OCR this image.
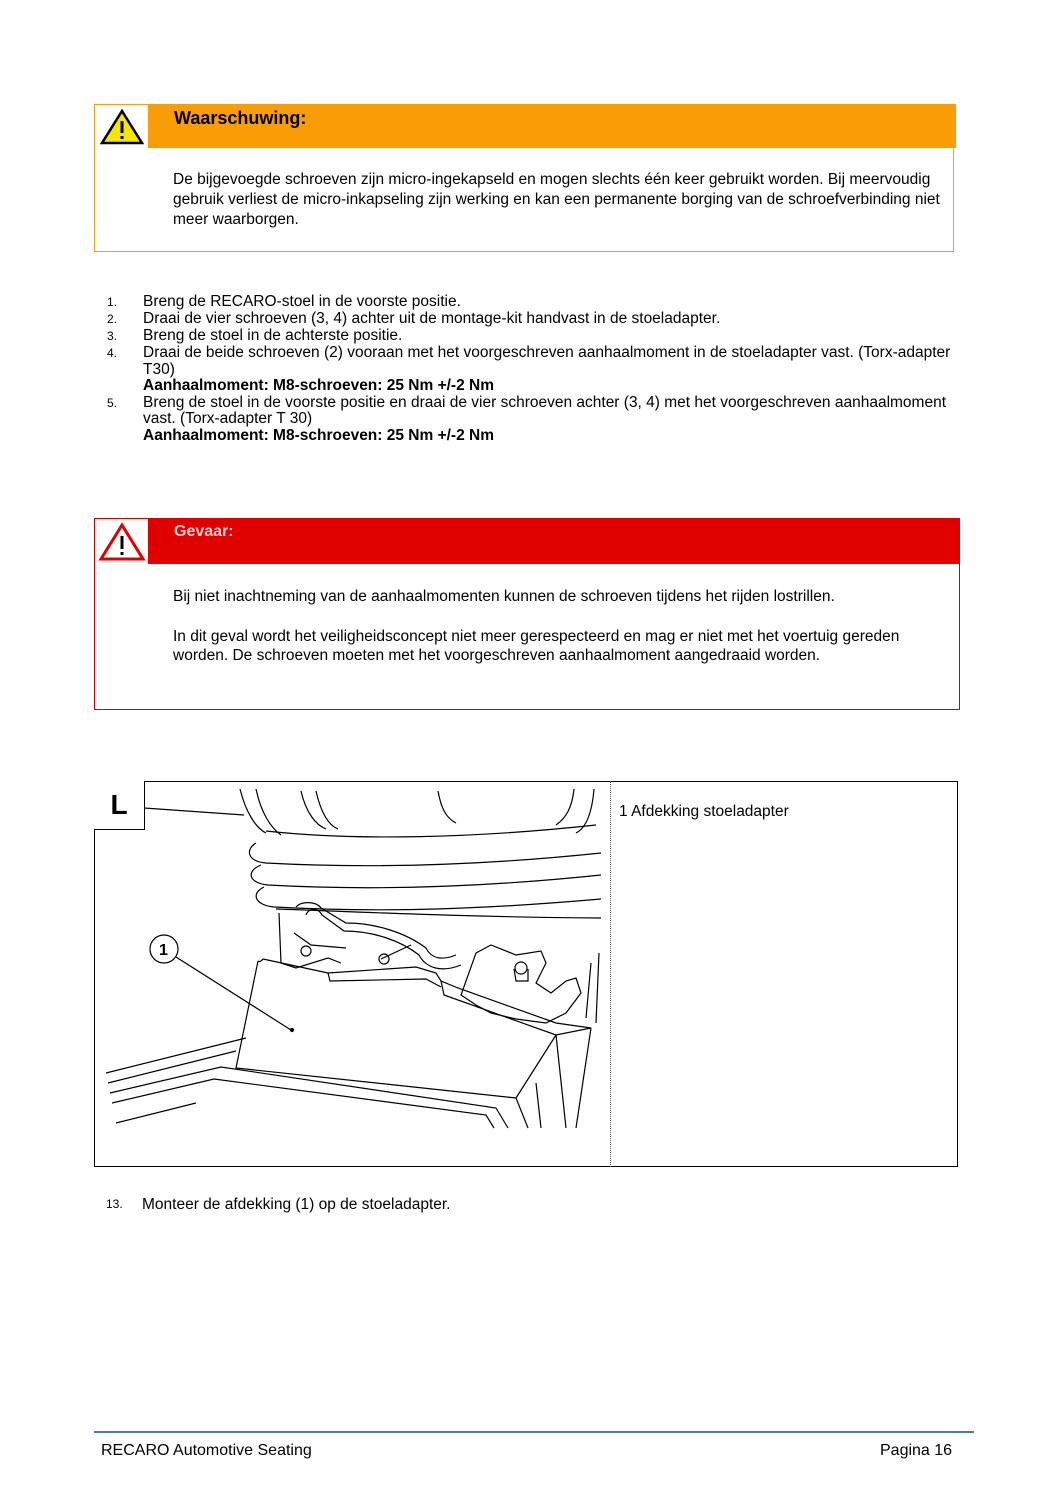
Waarschuwing:
De bijgevoegde schroeven zijn micro-ingekapseld en mogen slechts één keer gebruikt worden. Bij meervoudig gebruik verliest de micro-inkapseling zijn werking en kan een permanente borging van de schroefverbinding niet meer waarborgen.
1.	Breng de RECARO-stoel in de voorste positie.
2.	Draai de vier schroeven (3, 4) achter uit de montage-kit handvast in de stoeladapter.
3.	Breng de stoel in de achterste positie.
4.	Draai de beide schroeven (2) vooraan met het voorgeschreven aanhaalmoment in de stoeladapter vast. (Torx-adapter T30)
Aanhaalmoment: M8-schroeven: 25 Nm +/-2 Nm
5.	Breng de stoel in de voorste positie en draai de vier schroeven achter (3, 4) met het voorgeschreven aanhaalmoment vast. (Torx-adapter T 30)
Aanhaalmoment: M8-schroeven: 25 Nm +/-2 Nm
Gevaar:
Bij niet inachtneming van de aanhaalmomenten kunnen de schroeven tijdens het rijden lostrillen.
In dit geval wordt het veiligheidsconcept niet meer gerespecteerd en mag er niet met het voertuig gereden worden. De schroeven moeten met het voorgeschreven aanhaalmoment aangedraaid worden.
1
L	1 Afdekking stoeladapter
13.	Monteer de afdekking (1) op de stoeladapter.
RECARO Automotive Seating	Pagina 16
